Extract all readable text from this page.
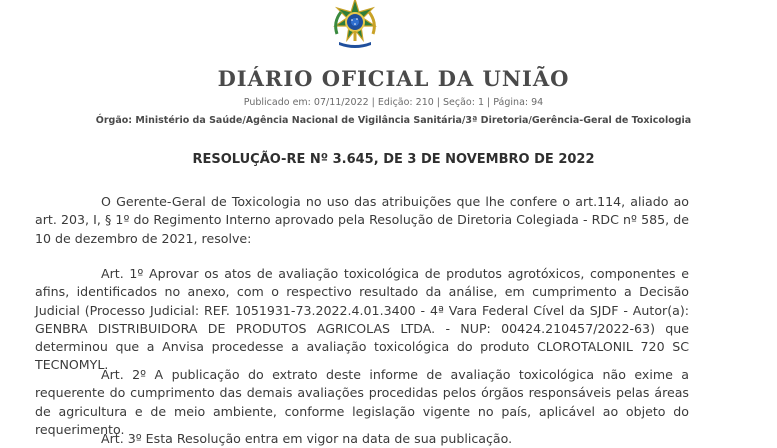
DIÁRIO OFICIAL DA UNIÃO
Publicado em: 07/11/2022 | Edição: 210 | Seção: 1 | Página: 94
Órgão: Ministério da Saúde/Agência Nacional de Vigilância Sanitária/3ª Diretoria/Gerência-Geral de Toxicologia
RESOLUÇÃO-RE Nº 3.645, DE 3 DE NOVEMBRO DE 2022

O Gerente-Geral de Toxicologia no uso das atribuições que lhe confere o art.114, aliado ao art. 203, I, § 1º do Regimento Interno aprovado pela Resolução de Diretoria Colegiada - RDC nº 585, de 10 de dezembro de 2021, resolve:

Art. 1º Aprovar os atos de avaliação toxicológica de produtos agrotóxicos, componentes e afins, identificados no anexo, com o respectivo resultado da análise, em cumprimento a Decisão Judicial (Processo Judicial: REF. 1051931-73.2022.4.01.3400 - 4ª Vara Federal Cível da SJDF - Autor(a): GENBRA DISTRIBUIDORA DE PRODUTOS AGRICOLAS LTDA. - NUP: 00424.210457/2022-63) que determinou que a Anvisa procedesse a avaliação toxicológica do produto CLOROTALONIL 720 SC TECNOMYL.

Art. 2º A publicação do extrato deste informe de avaliação toxicológica não exime a requerente do cumprimento das demais avaliações procedidas pelos órgãos responsáveis pelas áreas de agricultura e de meio ambiente, conforme legislação vigente no país, aplicável ao objeto do requerimento.

Art. 3º Esta Resolução entra em vigor na data de sua publicação.
